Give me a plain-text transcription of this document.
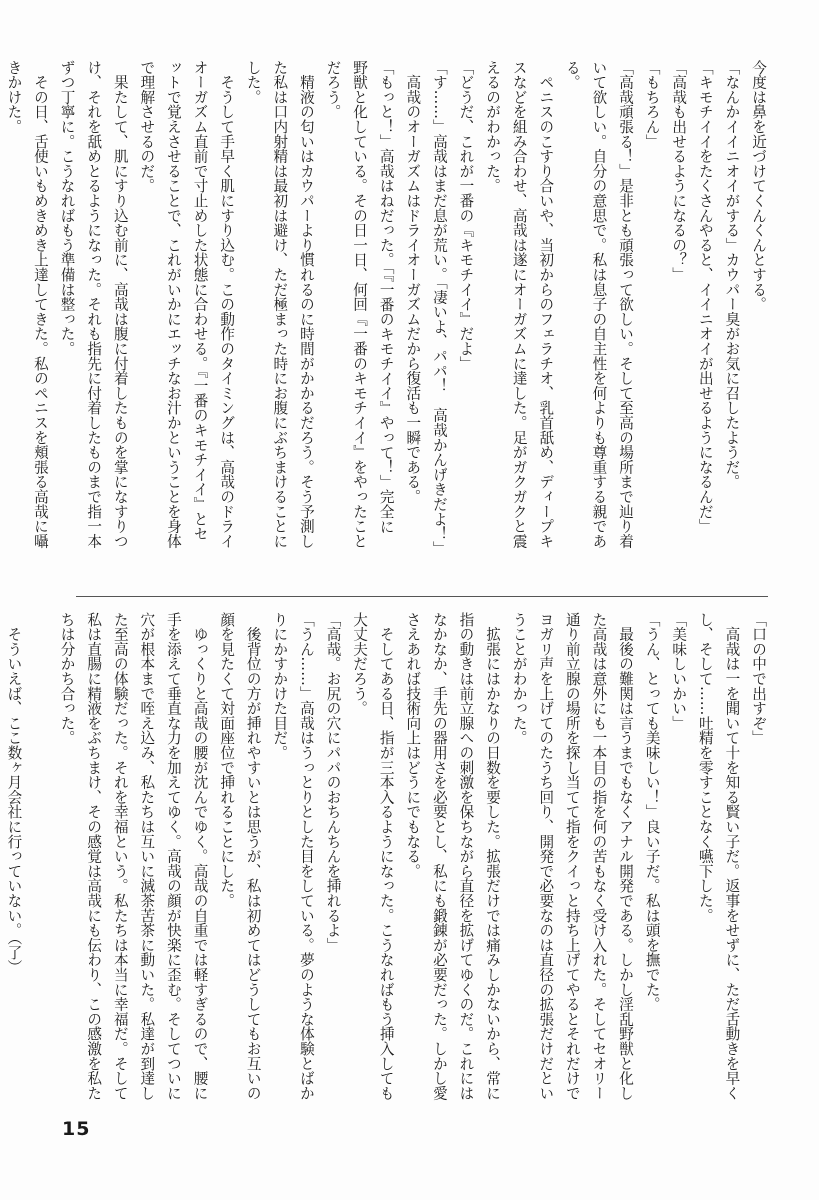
今度は鼻を近づけてくんくんとする。
「なんかイイニオイがする」カウパー臭がお気に召したようだ。
「キモチイイをたくさんやると、イイニオイが出せるようになるんだ」
「高哉も出せるようになるの？」
「もちろん」
「高哉頑張る！」是非とも頑張って欲しい。そして至高の場所まで辿り着
いて欲しい。自分の意思で。私は息子の自主性を何よりも尊重する親であ
る。
　ペニスのこすり合いや、当初からのフェラチオ、乳首舐め、ディープキ
スなどを組み合わせ、高哉は遂にオーガズムに達した。足がガクガクと震
えるのがわかった。
「どうだ、これが一番の『キモチイイ』だよ」
「す……」高哉はまだ息が荒い。「凄いよ、パパ！　高哉かんげきだよ！」
　高哉のオーガズムはドライオーガズムだから復活も一瞬である。
「もっと！」高哉はねだった。「『一番のキモチイイ』やって！」完全に
野獣と化している。その日一日、何回『一番のキモチイイ』をやったこと
だろう。
　精液の匂いはカウパーより慣れるのに時間がかかるだろう。そう予測し
た私は口内射精は最初は避け、ただ極まった時にお腹にぶちまけることに
した。
　そうして手早く肌にすり込む。この動作のタイミングは、高哉のドライ
オーガズム直前で寸止めした状態に合わせる。『一番のキモチイイ』とセ
ットで覚えさせることで、これがいかにエッチなお汁かということを身体
で理解させるのだ。
　果たして、肌にすり込む前に、高哉は腹に付着したものを掌になすりつ
け、それを舐めとるようになった。それも指先に付着したものまで指一本
ずつ丁寧に。こうなればもう準備は整った。
　その日、舌使いもめきめき上達してきた。私のペニスを頬張る高哉に囁
きかけた。
「口の中で出すぞ」
　高哉は一を聞いて十を知る賢い子だ。返事をせずに、ただ舌動きを早く
し、そして……吐精を零すことなく嚥下した。
「美味しいかい」
「うん、とっても美味しい！」良い子だ。私は頭を撫でた。
　最後の難関は言うまでもなくアナル開発である。しかし淫乱野獣と化し
た高哉は意外にも一本目の指を何の苦もなく受け入れた。そしてセオリー
通り前立腺の場所を探し当てて指をクイっと持ち上げてやるとそれだけで
ヨガリ声を上げてのたうち回り、開発で必要なのは直径の拡張だけだとい
うことがわかった。
　拡張にはかなりの日数を要した。拡張だけでは痛みしかないから、常に
指の動きは前立腺への刺激を保ちながら直径を拡げてゆくのだ。これには
なかなか、手先の器用さを必要とし、私にも鍛錬が必要だった。しかし愛
さえあれば技術向上はどうにでもなる。
　そしてある日、指が三本入るようになった。こうなればもう挿入しても
大丈夫だろう。
「高哉。お尻の穴にパパのおちんちんを挿れるよ」
「うん……」高哉はうっとりとした目をしている。夢のような体験とばか
りにかすかけた目だ。
　後背位の方が挿れやすいとは思うが、私は初めてはどうしてもお互いの
顔を見たくて対面座位で挿れることにした。
　ゆっくりと高哉の腰が沈んでゆく。高哉の自重では軽すぎるので、腰に
手を添えて垂直な力を加えてゆく。高哉の顔が快楽に歪む。そしてついに
穴が根本まで咥え込み、私たちは互いに滅茶苦茶に動いた。私達が到達し
た至高の体験だった。それを幸福という。私たちは本当に幸福だ。そして
私は直腸に精液をぶちまけ、その感覚は高哉にも伝わり、この感激を私た
ちは分かち合った。
　そういえば、ここ数ヶ月会社に行っていない。（了）
15
